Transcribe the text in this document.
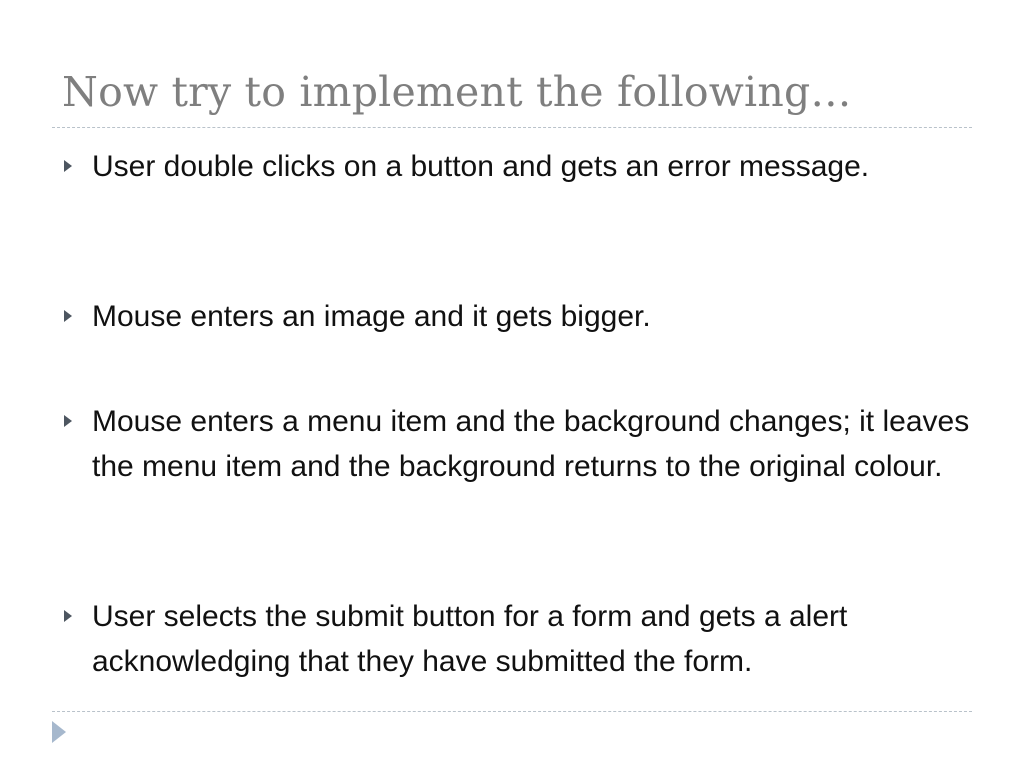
Now try to implement the following…
User double clicks on a button and gets an error message.
Mouse enters an image and it gets bigger.
Mouse enters a menu item and the background changes; it leaves the menu item and the background returns to the original colour.
User selects the submit button for a form and gets a alert acknowledging that they have submitted the form.
